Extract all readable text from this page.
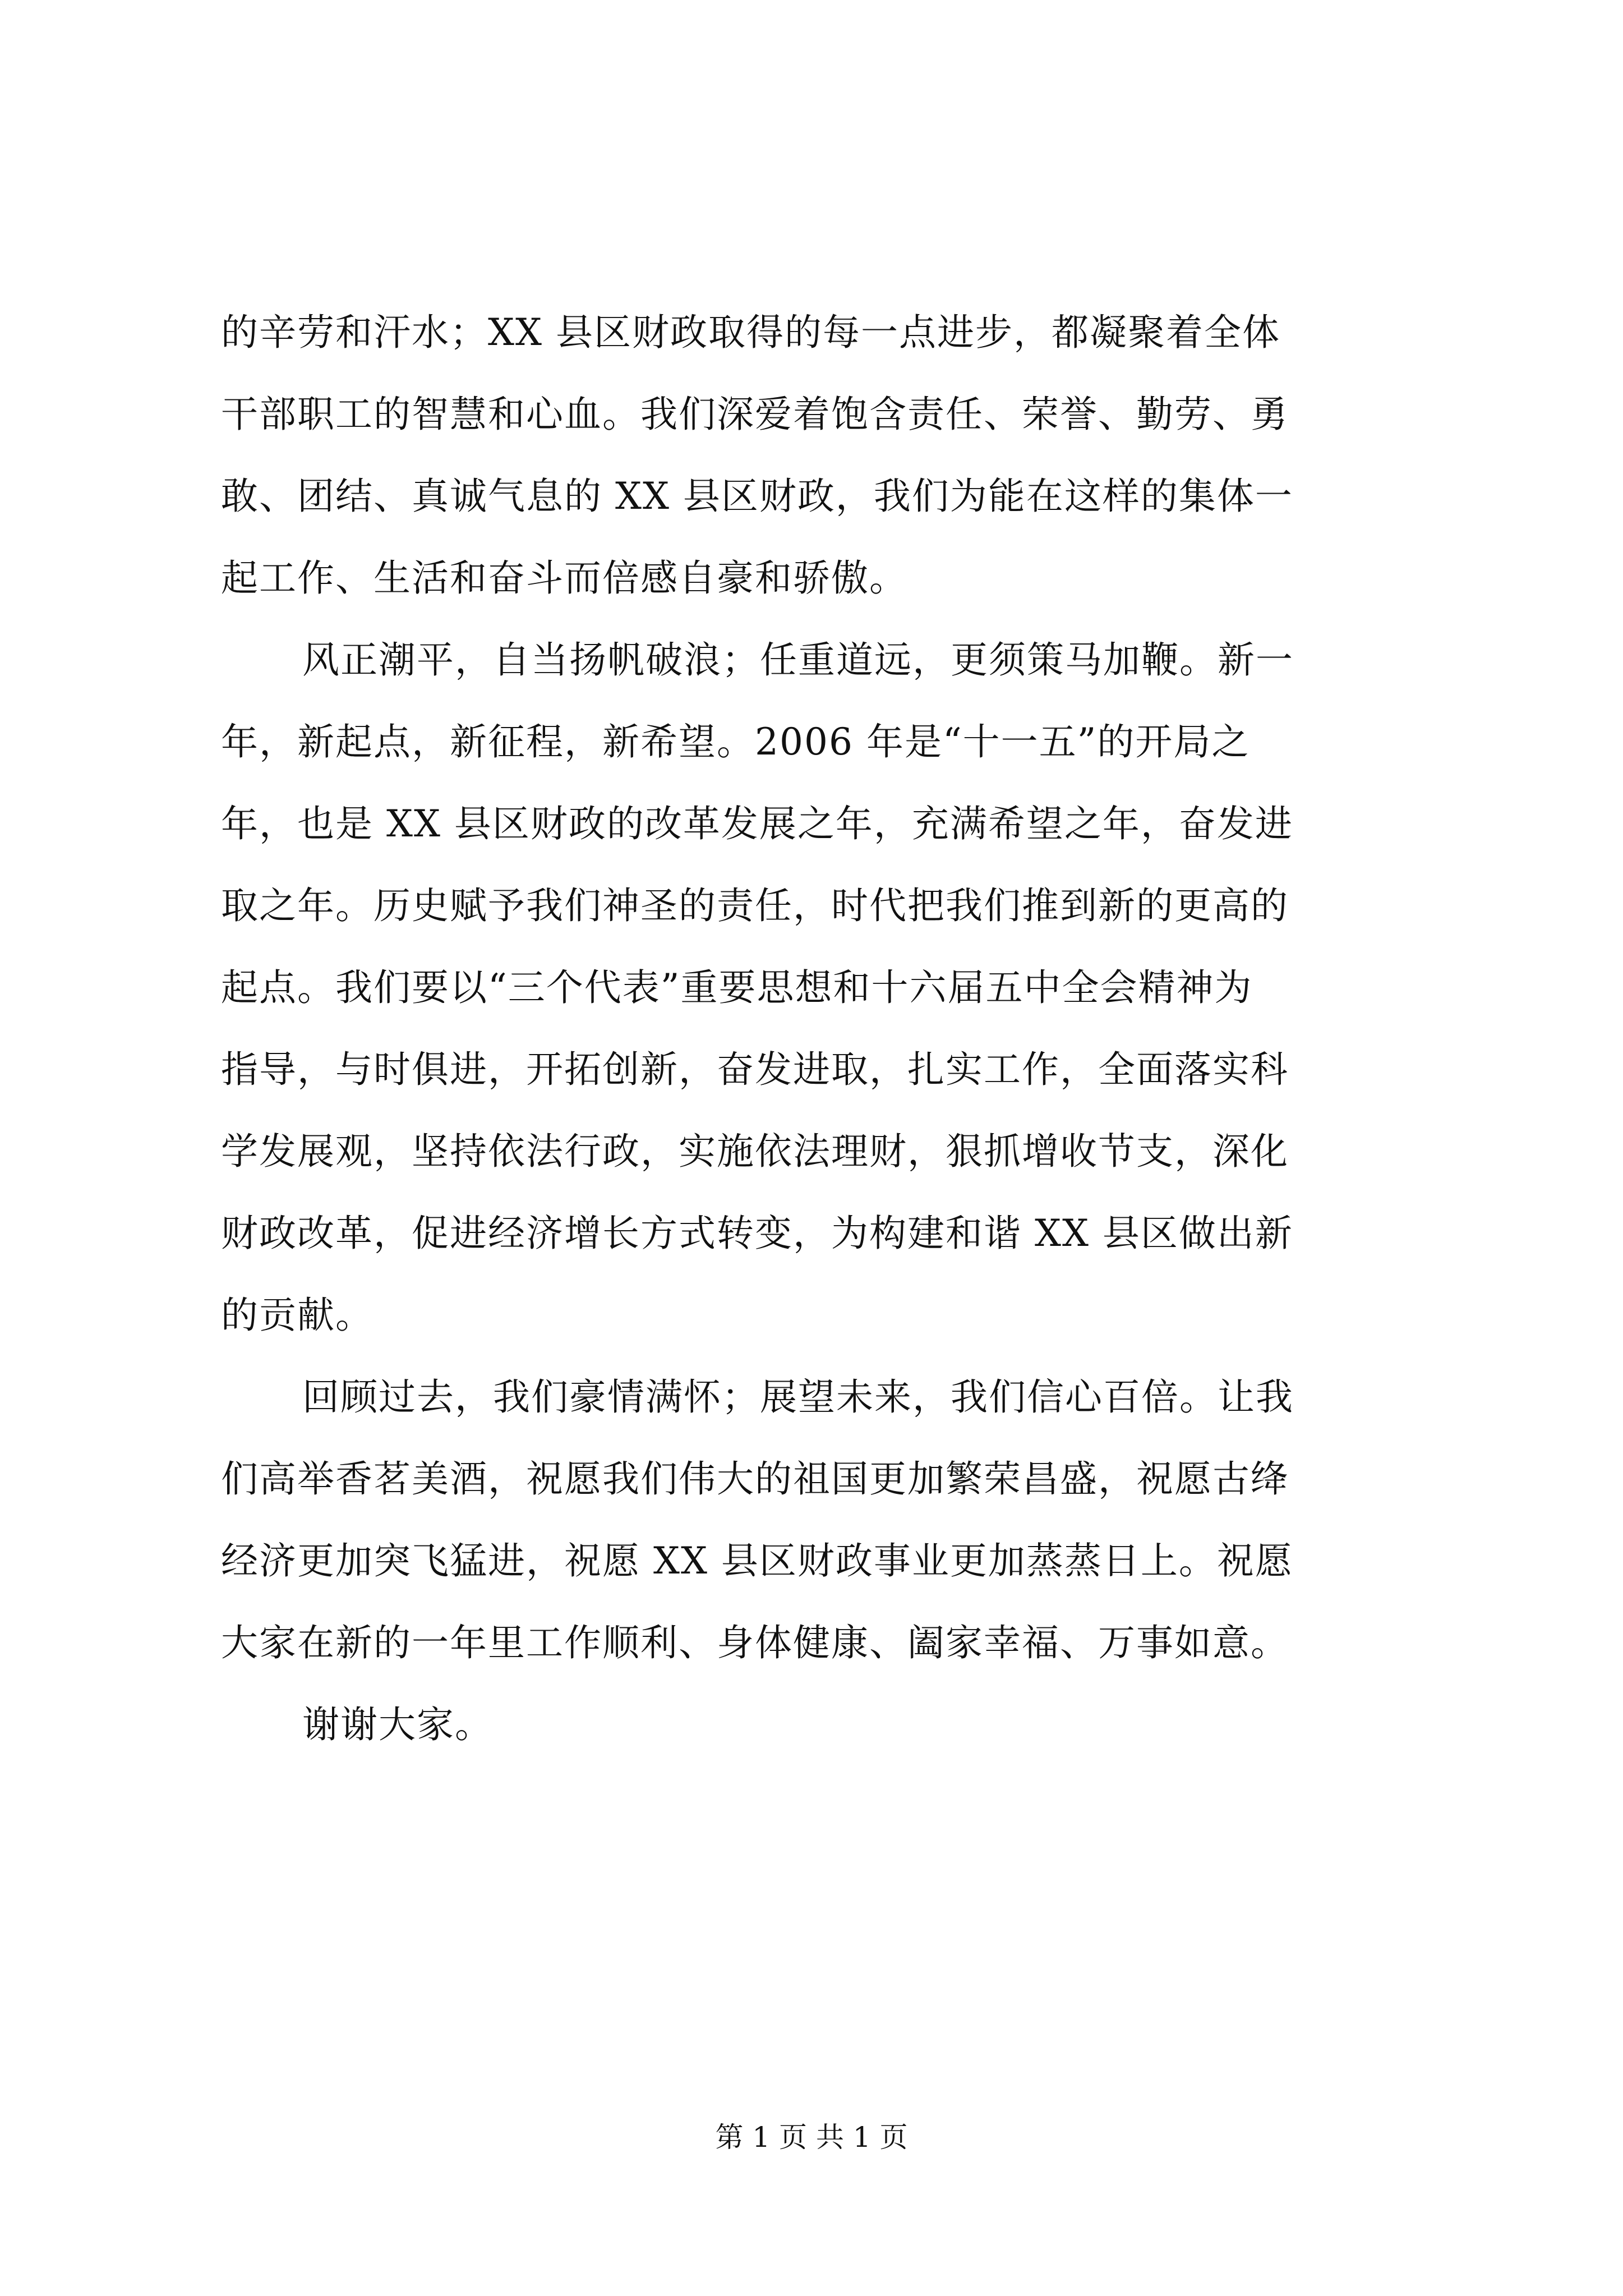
的辛劳和汗水；XX 县区财政取得的每一点进步，都凝聚着全体
干部职工的智慧和心血。我们深爱着饱含责任、荣誉、勤劳、勇
敢、团结、真诚气息的 XX 县区财政，我们为能在这样的集体一
起工作、生活和奋斗而倍感自豪和骄傲。
风正潮平，自当扬帆破浪；任重道远，更须策马加鞭。新一
年，新起点，新征程，新希望。2006 年是“十一五”的开局之
年，也是 XX 县区财政的改革发展之年，充满希望之年，奋发进
取之年。历史赋予我们神圣的责任，时代把我们推到新的更高的
起点。我们要以“三个代表”重要思想和十六届五中全会精神为
指导，与时俱进，开拓创新，奋发进取，扎实工作，全面落实科
学发展观，坚持依法行政，实施依法理财，狠抓增收节支，深化
财政改革，促进经济增长方式转变，为构建和谐 XX 县区做出新
的贡献。
回顾过去，我们豪情满怀；展望未来，我们信心百倍。让我
们高举香茗美酒，祝愿我们伟大的祖国更加繁荣昌盛，祝愿古绛
经济更加突飞猛进，祝愿 XX 县区财政事业更加蒸蒸日上。祝愿
大家在新的一年里工作顺利、身体健康、阖家幸福、万事如意。
谢谢大家。
第 1 页 共 1 页
